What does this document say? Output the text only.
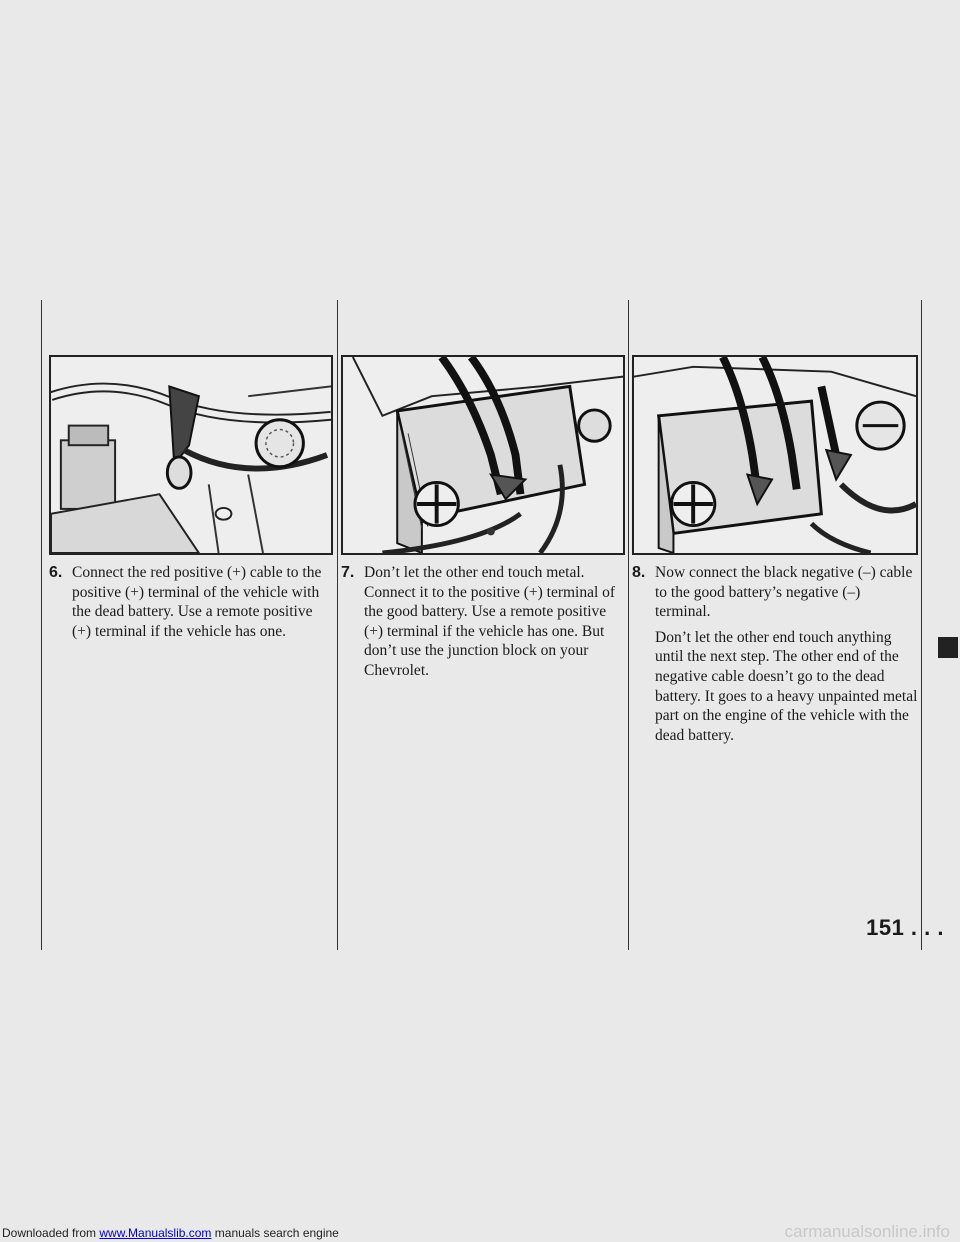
6. Connect the red positive (+) cable to the positive (+) terminal of the vehicle with the dead battery. Use a remote positive (+) terminal if the vehicle has one.

7. Don’t let the other end touch metal. Connect it to the positive (+) terminal of the good battery. Use a remote positive (+) terminal if the vehicle has one. But don’t use the junction block on your Chevrolet.

8. Now connect the black negative (–) cable to the good battery’s negative (–) terminal.

Don’t let the other end touch anything until the next step. The other end of the negative cable doesn’t go to the dead battery. It goes to a heavy unpainted metal part on the engine of the vehicle with the dead battery.

151 . . .
Downloaded from www.Manualslib.com manuals search engine	carmanualsonline.info
